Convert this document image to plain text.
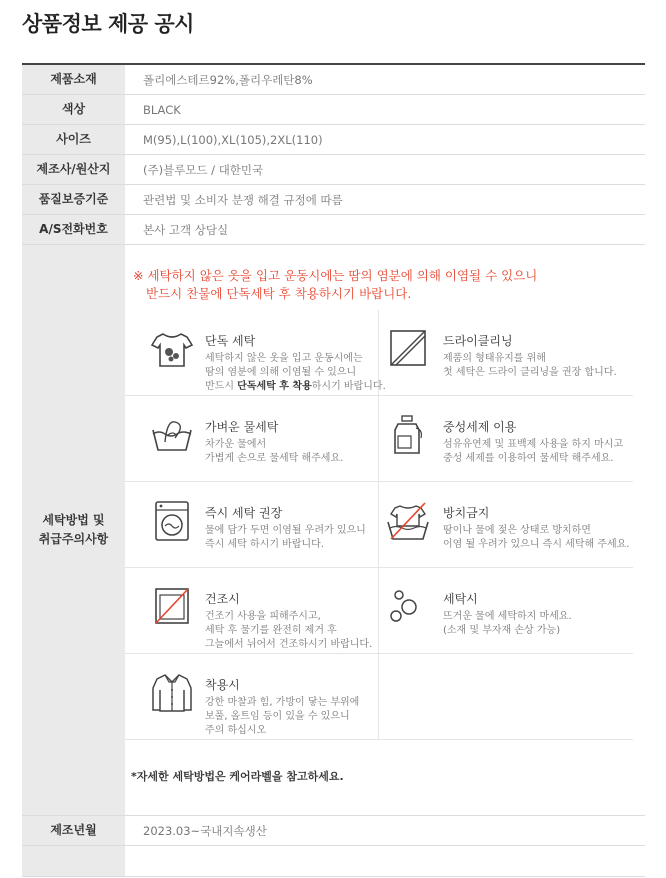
상품정보 제공 공시
제품소재	폴리에스테르92%,폴리우레탄8%
색상	BLACK
사이즈	M(95),L(100),XL(105),2XL(110)
제조사/원산지	(주)블루모드 / 대한민국
품질보증기준	관련법 및 소비자 분쟁 해결 규정에 따름
A/S전화번호	본사 고객 상담실
세탁방법 및
취급주의사항
※ 세탁하지 않은 옷을 입고 운동시에는 땀의 염분에 의해 이염될 수 있으니
반드시 찬물에 단독세탁 후 착용하시기 바랍니다.
단독 세탁
세탁하지 않은 옷을 입고 운동시에는
땀의 염분에 의해 이염될 수 있으니
반드시 단독세탁 후 착용하시기 바랍니다.
드라이클리닝
제품의 형태유지를 위해
첫 세탁은 드라이 클리닝을 권장 합니다.
가벼운 물세탁
차가운 물에서
가볍게 손으로 물세탁 해주세요.
중성세제 이용
섬유유연제 및 표백제 사용을 하지 마시고
중성 세제를 이용하여 물세탁 해주세요.
즉시 세탁 권장
물에 담가 두면 이염될 우려가 있으니
즉시 세탁 하시기 바랍니다.
방치금지
땀이나 물에 젖은 상태로 방치하면
이염 될 우려가 있으니 즉시 세탁해 주세요.
건조시
건조기 사용을 피해주시고,
세탁 후 물기를 완전히 제거 후
그늘에서 뉘어서 건조하시기 바랍니다.
세탁시
뜨거운 물에 세탁하지 마세요.
(소재 및 부자재 손상 가능)
착용시
강한 마찰과 힘, 가방이 닿는 부위에
보풀, 올트임 등이 있을 수 있으니
주의 하십시오
*자세한 세탁방법은 케어라벨을 참고하세요.
제조년월	2023.03~국내지속생산
